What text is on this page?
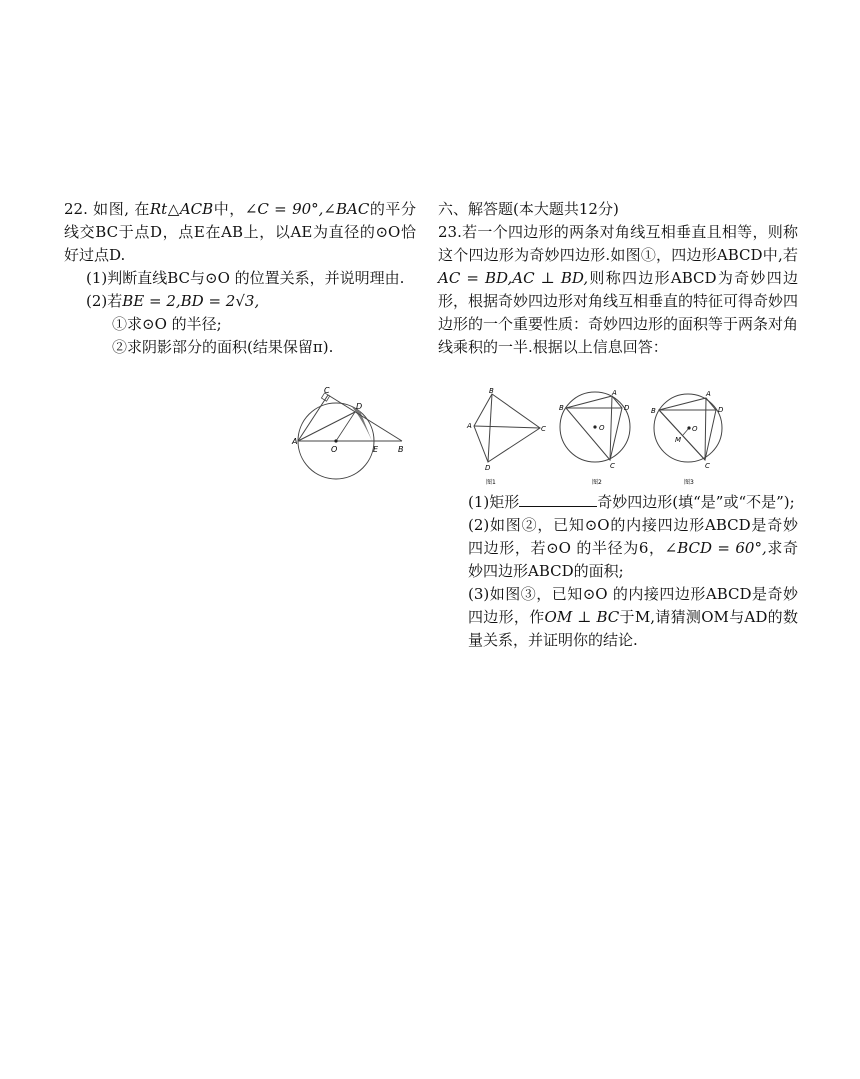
22. 如图, 在Rt△ACB中，∠C = 90°,∠BAC的平分线交BC于点D，点E在AB上，以AE为直径的⊙O恰好过点D.

(1)判断直线BC与⊙O 的位置关系，并说明理由.

(2)若BE = 2,BD = 2√3,

①求⊙O 的半径;

②求阴影部分的面积(结果保留π).

A
C
D
O	E B

六、解答题(本大题共12分)

23.若一个四边形的两条对角线互相垂直且相等，则称这个四边形为奇妙四边形.如图①，四边形ABCD中,若AC = BD,AC ⊥ BD,则称四边形ABCD为奇妙四边形，根据奇妙四边形对角线互相垂直的特征可得奇妙四边形的一个重要性质：奇妙四边形的面积等于两条对角线乘积的一半.根据以上信息回答：

B
A	C
D
图1
O
B
A
D
C
图2
O
M
B
A
D
C
图3

(1)矩形	奇妙四边形(填“是”或“不是”);

(2)如图②，已知⊙O的内接四边形ABCD是奇妙四边形，若⊙O 的半径为6，∠BCD = 60°,求奇妙四边形ABCD的面积;

(3)如图③，已知⊙O 的内接四边形ABCD是奇妙四边形，作OM ⊥ BC于M,请猜测OM与AD的数量关系，并证明你的结论.
